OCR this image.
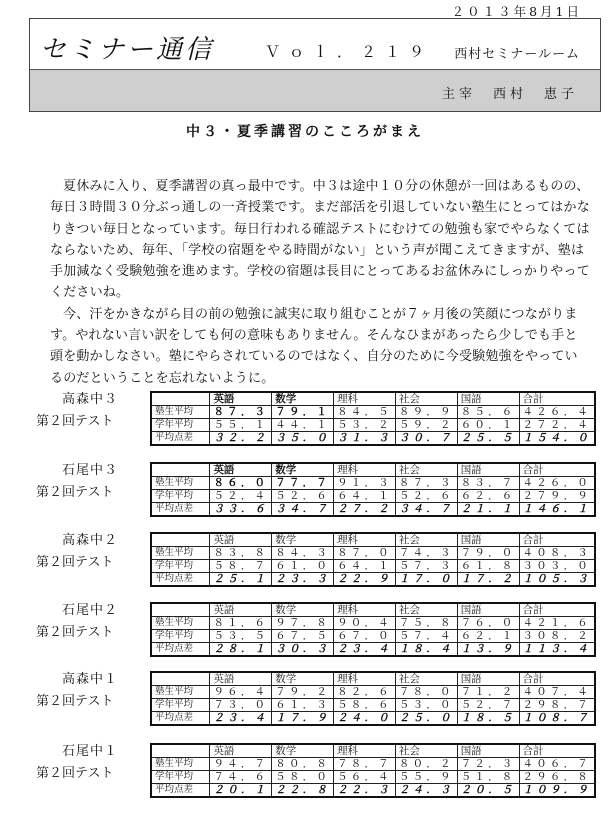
２０１３年8月1日
セミナー通信	Ｖｏｌ．２１９ 西村セミナールーム
主宰　西村　恵子
中３・夏季講習のこころがまえ

夏休みに入り、夏季講習の真っ最中です。中３は途中１０分の休憩が一回はあるものの、毎日３時間３０分ぶっ通しの一斉授業です。まだ部活を引退していない塾生にとってはかなりきつい毎日となっています。毎日行われる確認テストにむけての勉強も家でやらなくてはならないため、毎年、「学校の宿題をやる時間がない」という声が聞こえてきますが、塾は手加減なく受験勉強を進めます。学校の宿題は長目にとってあるお盆休みにしっかりやってくださいね。

今、汗をかきながら目の前の勉強に誠実に取り組むことが７ヶ月後の笑顔につながります。やれない言い訳をしても何の意味もありません。そんなひまがあったら少しでも手と頭を動かしなさい。塾にやらされているのではなく、自分のために今受験勉強をやっているのだということを忘れないように。

高森中３
第２回テスト
	英語	数学	理科	社会	国語	合計
塾生平均	８７．３	７９．１	８４．５	８９．９	８５．６	４２６．４
学年平均	５５．１	４４．１	５３．２	５９．２	６０．１	２７２．４
平均点差	３２．２	３５．０	３１．３	３０．７	２５．５	１５４．０
石尾中３
第２回テスト
	英語	数学	理科	社会	国語	合計
塾生平均	８６．０	７７．７	９１．３	８７．３	８３．７	４２６．０
学年平均	５２．４	５２．６	６４．１	５２．６	６２．６	２７９．９
平均点差	３３．６	３４．７	２７．２	３４．７	２１．１	１４６．１
高森中２
第２回テスト
	英語	数学	理科	社会	国語	合計
塾生平均	８３．８	８４．３	８７．０	７４．３	７９．０	４０８．３
学年平均	５８．７	６１．０	６４．１	５７．３	６１．８	３０３．０
平均点差	２５．１	２３．３	２２．９	１７．０	１７．２	１０５．３
石尾中２
第２回テスト
	英語	数学	理科	社会	国語	合計
塾生平均	８１．６	９７．８	９０．４	７５．８	７６．０	４２１．６
学年平均	５３．５	６７．５	６７．０	５７．４	６２．１	３０８．２
平均点差	２８．１	３０．３	２３．４	１８．４	１３．９	１１３．４
高森中１
第２回テスト
	英語	数学	理科	社会	国語	合計
塾生平均	９６．４	７９．２	８２．６	７８．０	７１．２	４０７．４
学年平均	７３．０	６１．３	５８．６	５３．０	５２．７	２９８．７
平均点差	２３．４	１７．９	２４．０	２５．０	１８．５	１０８．７
石尾中１
第２回テスト
	英語	数学	理科	社会	国語	合計
塾生平均	９４．７	８０．８	７８．７	８０．２	７２．３	４０６．７
学年平均	７４．６	５８．０	５６．４	５５．９	５１．８	２９６．８
平均点差	２０．１	２２．８	２２．３	２４．３	２０．５	１０９．９
